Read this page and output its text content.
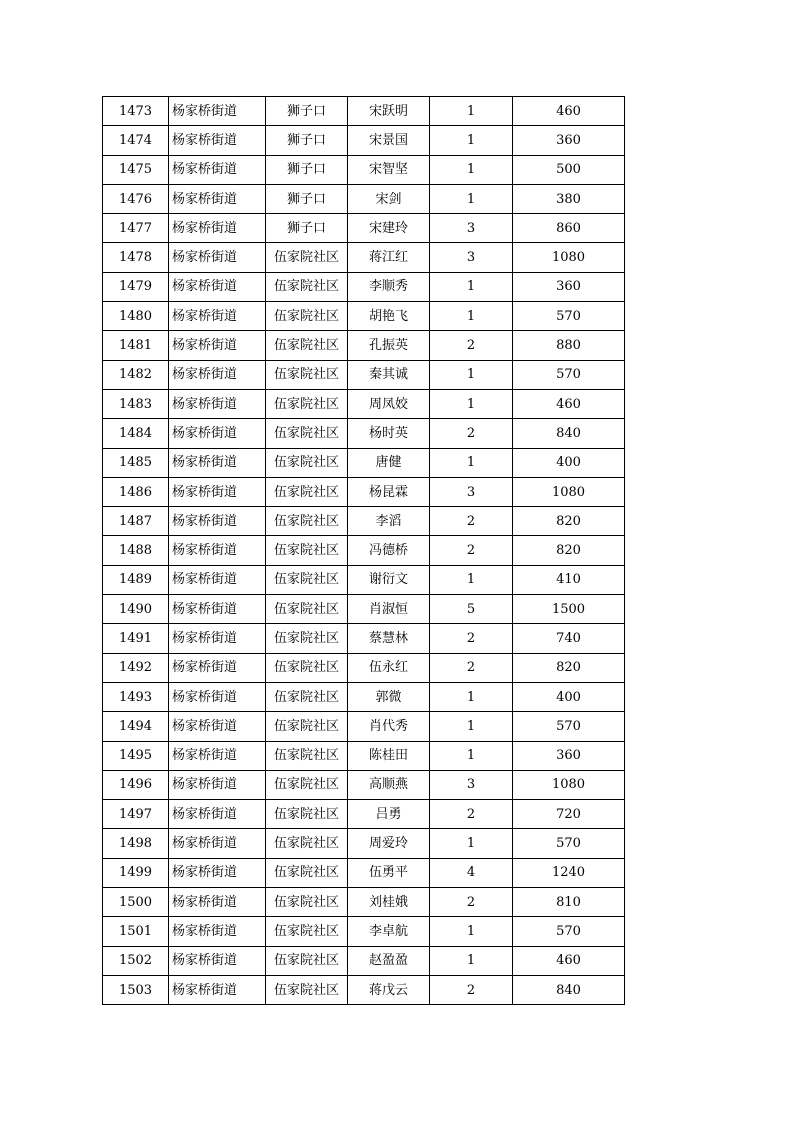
1473	杨家桥街道	狮子口	宋跃明	1	460
1474	杨家桥街道	狮子口	宋景国	1	360
1475	杨家桥街道	狮子口	宋智坚	1	500
1476	杨家桥街道	狮子口	宋剑	1	380
1477	杨家桥街道	狮子口	宋建玲	3	860
1478	杨家桥街道	伍家院社区	蒋江红	3	1080
1479	杨家桥街道	伍家院社区	李顺秀	1	360
1480	杨家桥街道	伍家院社区	胡艳飞	1	570
1481	杨家桥街道	伍家院社区	孔振英	2	880
1482	杨家桥街道	伍家院社区	秦其诚	1	570
1483	杨家桥街道	伍家院社区	周凤姣	1	460
1484	杨家桥街道	伍家院社区	杨时英	2	840
1485	杨家桥街道	伍家院社区	唐健	1	400
1486	杨家桥街道	伍家院社区	杨昆霖	3	1080
1487	杨家桥街道	伍家院社区	李滔	2	820
1488	杨家桥街道	伍家院社区	冯德桥	2	820
1489	杨家桥街道	伍家院社区	谢衍文	1	410
1490	杨家桥街道	伍家院社区	肖淑恒	5	1500
1491	杨家桥街道	伍家院社区	蔡慧林	2	740
1492	杨家桥街道	伍家院社区	伍永红	2	820
1493	杨家桥街道	伍家院社区	郭微	1	400
1494	杨家桥街道	伍家院社区	肖代秀	1	570
1495	杨家桥街道	伍家院社区	陈桂田	1	360
1496	杨家桥街道	伍家院社区	高顺燕	3	1080
1497	杨家桥街道	伍家院社区	吕勇	2	720
1498	杨家桥街道	伍家院社区	周爱玲	1	570
1499	杨家桥街道	伍家院社区	伍勇平	4	1240
1500	杨家桥街道	伍家院社区	刘桂娥	2	810
1501	杨家桥街道	伍家院社区	李卓航	1	570
1502	杨家桥街道	伍家院社区	赵盈盈	1	460
1503	杨家桥街道	伍家院社区	蒋戊云	2	840
